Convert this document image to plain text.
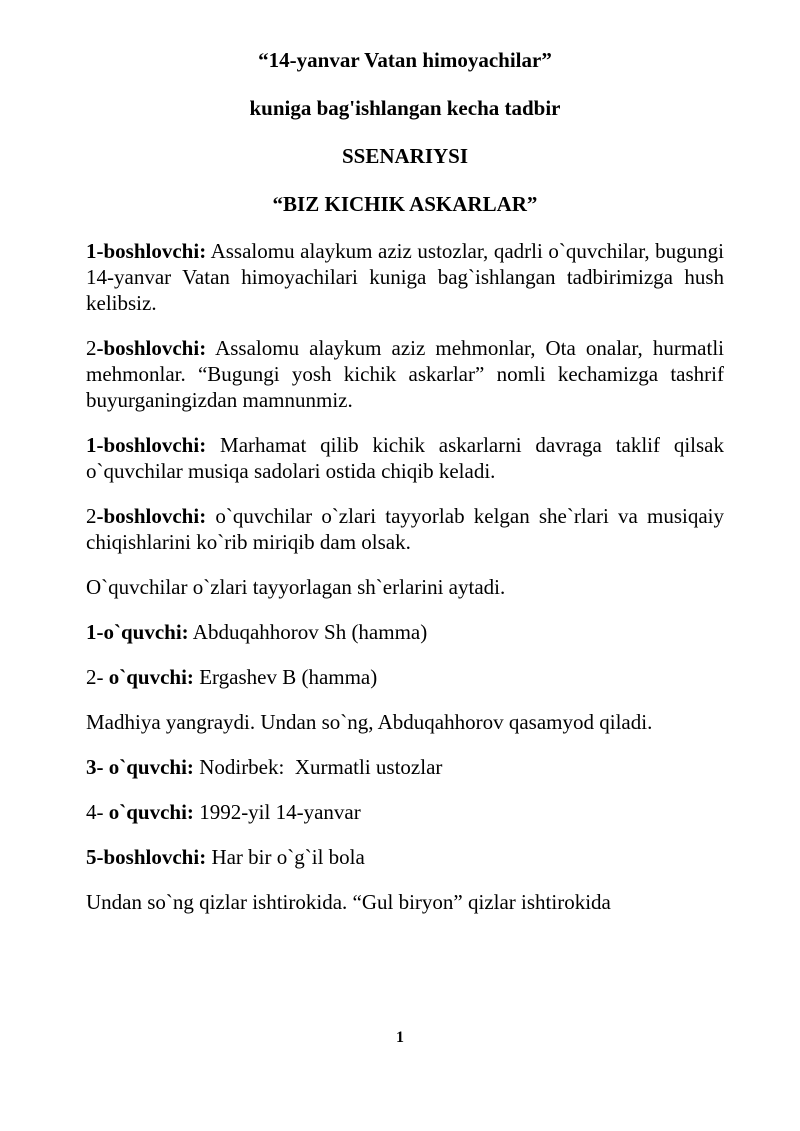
“14-yanvar Vatan himoyachilar”
kuniga bag'ishlangan kecha tadbir
SSENARIYSI
“BIZ KICHIK ASKARLAR”

1-boshlovchi: Assalomu alaykum aziz ustozlar, qadrli o`quvchilar, bugungi 14-yanvar Vatan himoyachilari kuniga bag`ishlangan tadbirimizga hush kelibsiz.

2-boshlovchi: Assalomu alaykum aziz mehmonlar, Ota onalar, hurmatli mehmonlar. “Bugungi yosh kichik askarlar” nomli kechamizga tashrif buyurganingizdan mamnunmiz.

1-boshlovchi: Marhamat qilib kichik askarlarni davraga taklif qilsak o`quvchilar musiqa sadolari ostida chiqib keladi.

2-boshlovchi: o`quvchilar o`zlari tayyorlab kelgan she`rlari va musiqaiy chiqishlarini ko`rib miriqib dam olsak.

O`quvchilar o`zlari tayyorlagan sh`erlarini aytadi.

1-o`quvchi: Abduqahhorov Sh (hamma)

2- o`quvchi: Ergashev B (hamma)

Madhiya yangraydi. Undan so`ng, Abduqahhorov qasamyod qiladi.

3- o`quvchi: Nodirbek:  Xurmatli ustozlar

4- o`quvchi: 1992-yil 14-yanvar

5-boshlovchi: Har bir o`g`il bola

Undan so`ng qizlar ishtirokida. “Gul biryon” qizlar ishtirokida

1
